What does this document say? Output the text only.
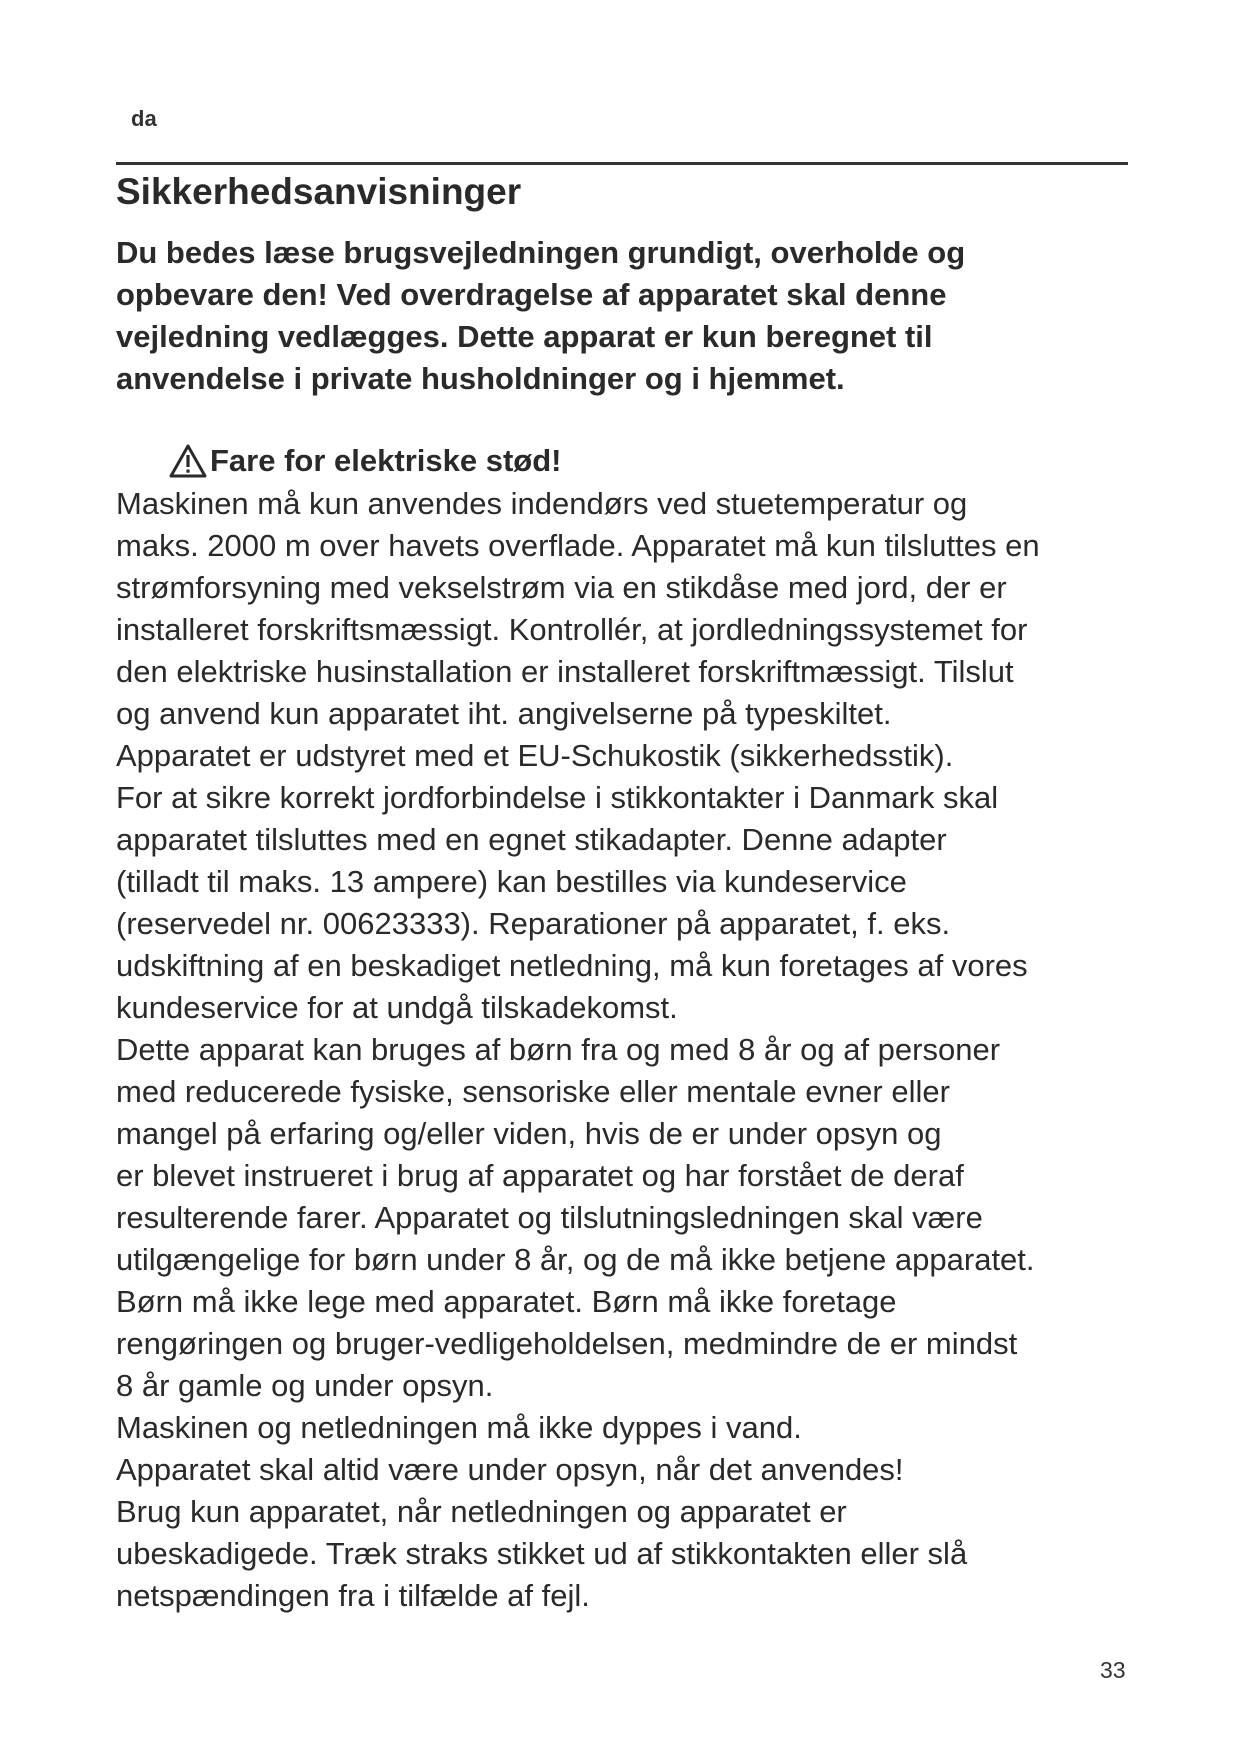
da
Sikkerhedsanvisninger
Du bedes læse brugsvejledningen grundigt, overholde og
opbevare den! Ved overdragelse af apparatet skal denne
vejledning vedlægges. Dette apparat er kun beregnet til
anvendelse i private husholdninger og i hjemmet.
Fare for elektriske stød!
Maskinen må kun anvendes indendørs ved stuetemperatur og
maks. 2000 m over havets overflade. Apparatet må kun tilsluttes en
strømforsyning med vekselstrøm via en stikdåse med jord, der er
installeret forskriftsmæssigt. Kontrollér, at jordledningssystemet for
den elektriske husinstallation er installeret forskriftmæssigt. Tilslut
og anvend kun apparatet iht. angivelserne på typeskiltet.
Apparatet er udstyret med et EU-Schukostik (sikkerhedsstik).
For at sikre korrekt jordforbindelse i stikkontakter i Danmark skal
apparatet tilsluttes med en egnet stikadapter. Denne adapter
(tilladt til maks. 13 ampere) kan bestilles via kundeservice
(reservedel nr. 00623333). Reparationer på apparatet, f. eks.
udskiftning af en beskadiget netledning, må kun foretages af vores
kundeservice for at undgå tilskadekomst.
Dette apparat kan bruges af børn fra og med 8 år og af personer
med reducerede fysiske, sensoriske eller mentale evner eller
mangel på erfaring og/eller viden, hvis de er under opsyn og
er blevet instrueret i brug af apparatet og har forstået de deraf
resulterende farer. Apparatet og tilslutningsledningen skal være
utilgængelige for børn under 8 år, og de må ikke betjene apparatet.
Børn må ikke lege med apparatet. Børn må ikke foretage
rengøringen og bruger-vedligeholdelsen, medmindre de er mindst
8 år gamle og under opsyn.
Maskinen og netledningen må ikke dyppes i vand.
Apparatet skal altid være under opsyn, når det anvendes!
Brug kun apparatet, når netledningen og apparatet er
ubeskadigede. Træk straks stikket ud af stikkontakten eller slå
netspændingen fra i tilfælde af fejl.
33
